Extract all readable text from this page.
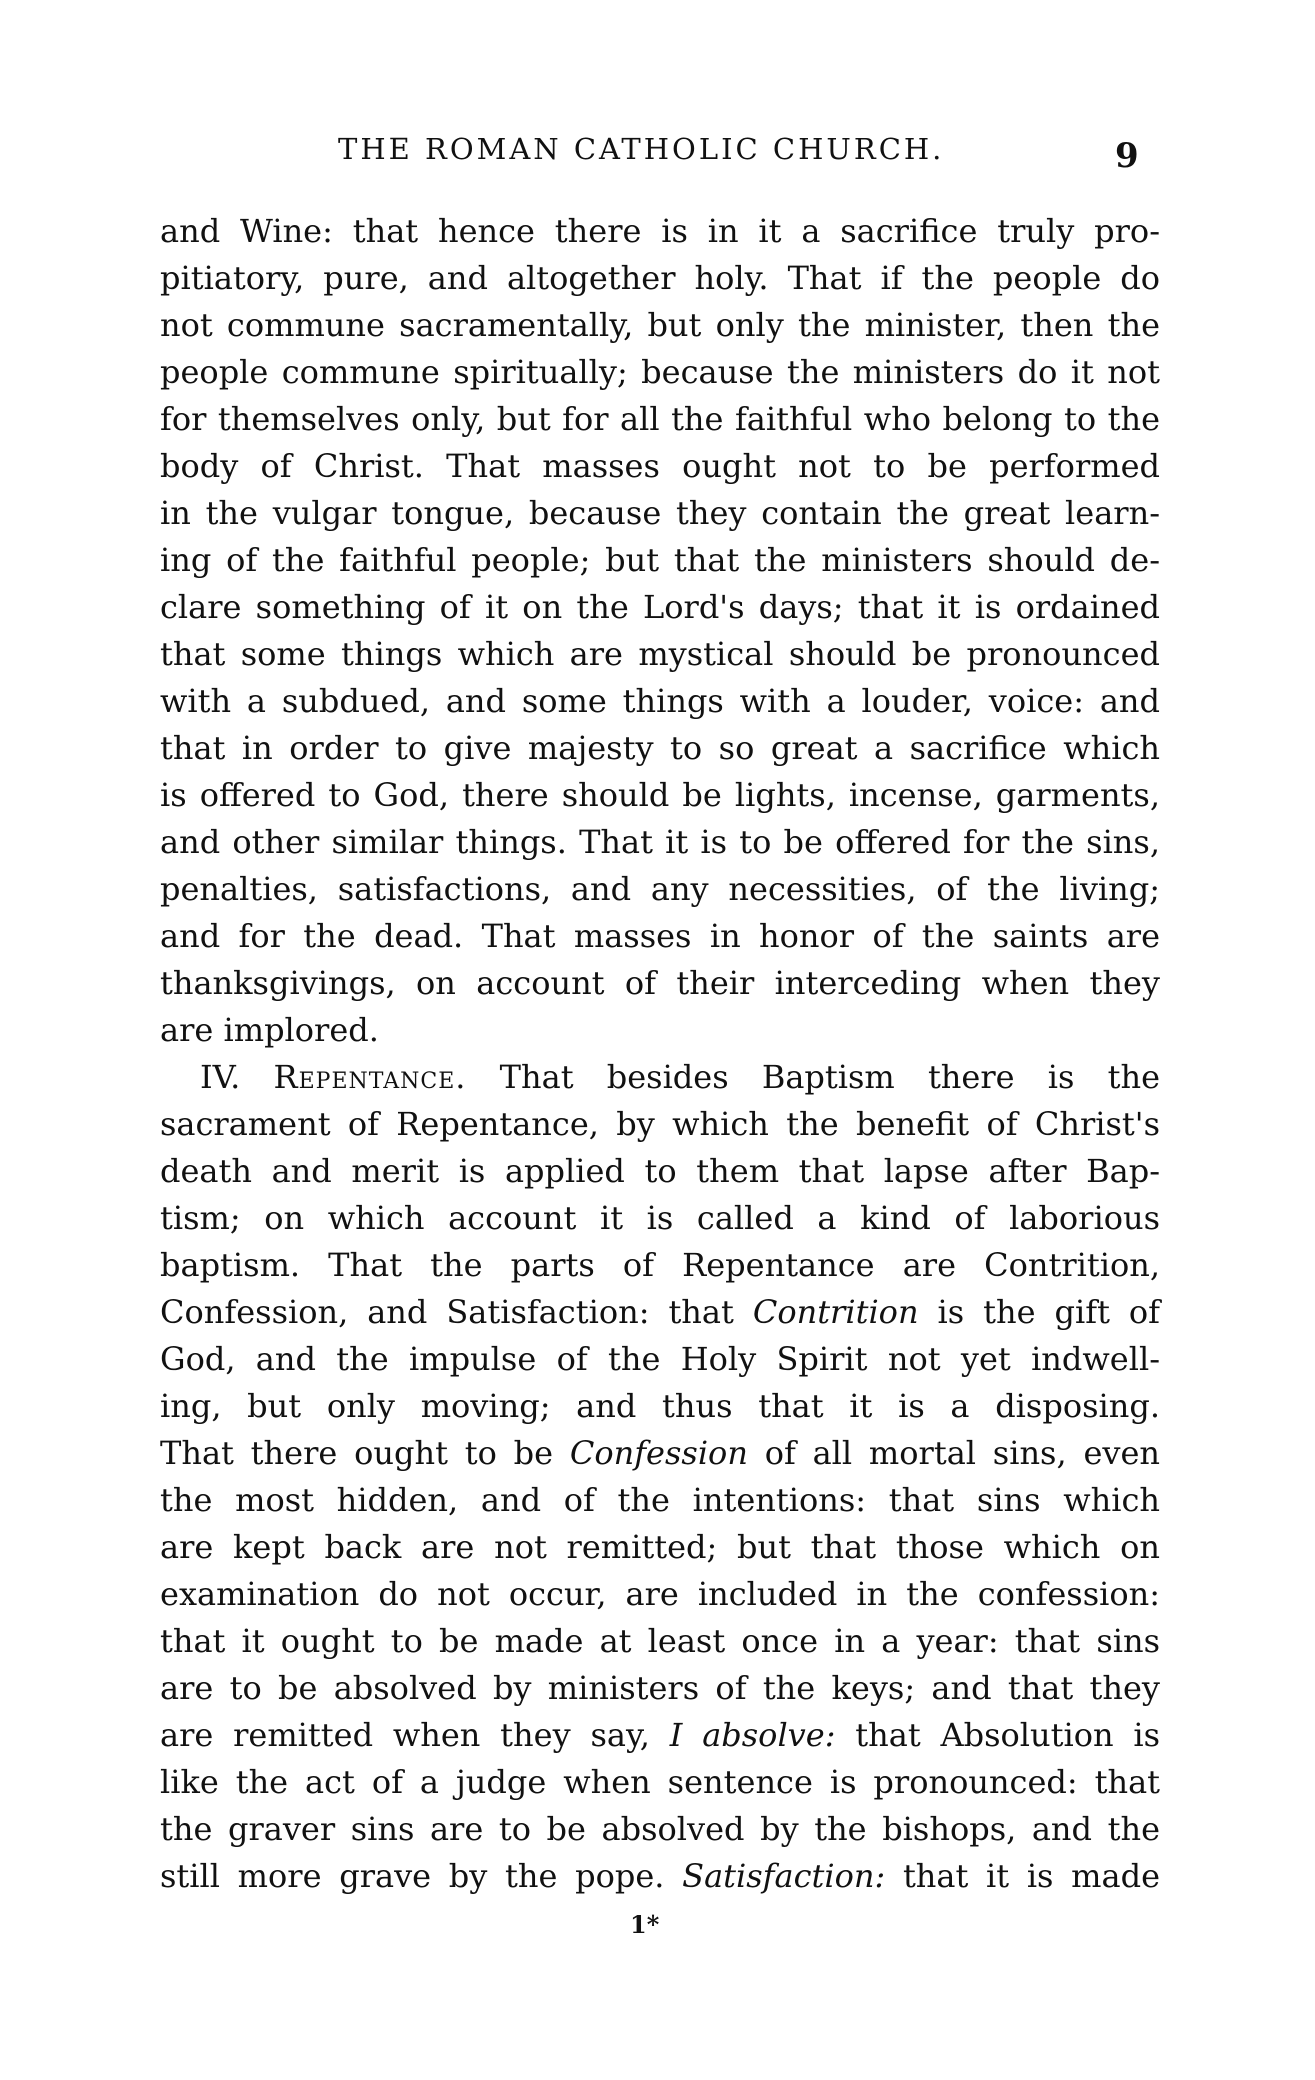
THE ROMAN CATHOLIC CHURCH.	9
and Wine: that hence there is in it a sacrifice truly pro-
pitiatory, pure, and altogether holy. That if the people do
not commune sacramentally, but only the minister, then the
people commune spiritually; because the ministers do it not
for themselves only, but for all the faithful who belong to the
body of Christ. That masses ought not to be performed
in the vulgar tongue, because they contain the great learn-
ing of the faithful people; but that the ministers should de-
clare something of it on the Lord's days; that it is ordained
that some things which are mystical should be pronounced
with a subdued, and some things with a louder, voice: and
that in order to give majesty to so great a sacrifice which
is offered to God, there should be lights, incense, garments,
and other similar things. That it is to be offered for the sins,
penalties, satisfactions, and any necessities, of the living;
and for the dead. That masses in honor of the saints are
thanksgivings, on account of their interceding when they
are implored.
IV. Repentance. That besides Baptism there is the
sacrament of Repentance, by which the benefit of Christ's
death and merit is applied to them that lapse after Bap-
tism; on which account it is called a kind of laborious
baptism. That the parts of Repentance are Contrition,
Confession, and Satisfaction: that Contrition is the gift of
God, and the impulse of the Holy Spirit not yet indwell-
ing, but only moving; and thus that it is a disposing.
That there ought to be Confession of all mortal sins, even
the most hidden, and of the intentions: that sins which
are kept back are not remitted; but that those which on
examination do not occur, are included in the confession:
that it ought to be made at least once in a year: that sins
are to be absolved by ministers of the keys; and that they
are remitted when they say, I absolve: that Absolution is
like the act of a judge when sentence is pronounced: that
the graver sins are to be absolved by the bishops, and the
still more grave by the pope. Satisfaction: that it is made
1*
